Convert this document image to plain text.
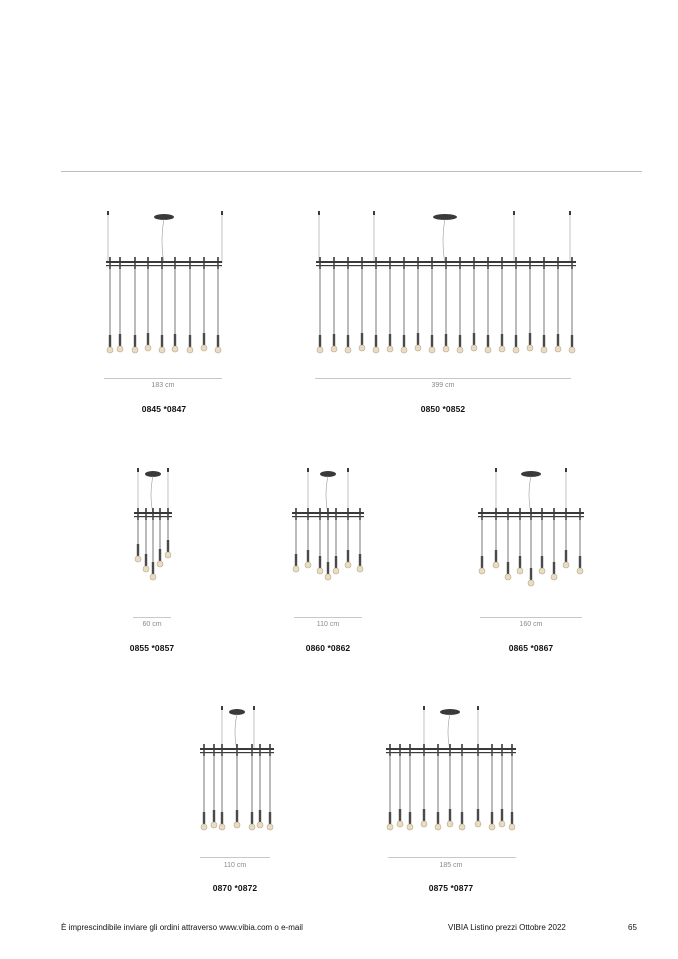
183 cm
0845 *0847
399 cm
0850 *0852
60 cm
0855 *0857
110 cm
0860 *0862
160 cm
0865 *0867
110 cm
0870 *0872
185 cm
0875 *0877
È imprescindibile inviare gli ordini attraverso www.vibia.com o e-mail	VIBIA Listino prezzi Ottobre 2022	65
